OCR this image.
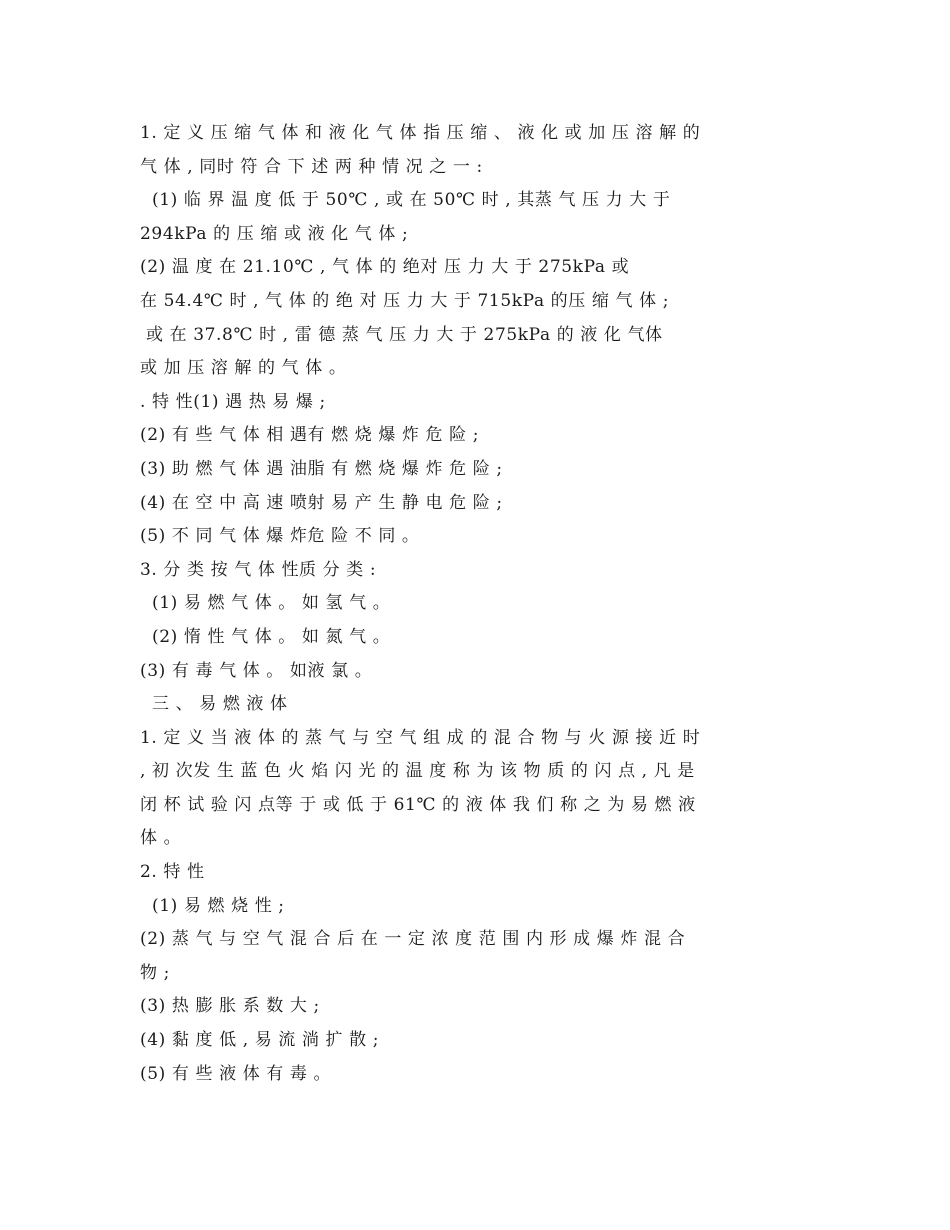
1. 定 义 压 缩 气 体 和 液 化 气 体 指 压 缩 、 液 化 或 加 压 溶 解 的
气 体 , 同时 符 合 下 述 两 种 情 况 之 一 :
(1) 临 界 温 度 低 于 50℃ , 或 在 50℃ 时 , 其蒸 气 压 力 大 于
294kPa 的 压 缩 或 液 化 气 体 ;
(2) 温 度 在 21.10℃ , 气 体 的 绝对 压 力 大 于 275kPa 或
在 54.4℃ 时 , 气 体 的 绝 对 压 力 大 于 715kPa 的压 缩 气 体 ;
或 在 37.8℃ 时 , 雷 德 蒸 气 压 力 大 于 275kPa 的 液 化 气体
或 加 压 溶 解 的 气 体 。
. 特 性(1) 遇 热 易 爆 ;
(2) 有 些 气 体 相 遇有 燃 烧 爆 炸 危 险 ;
(3) 助 燃 气 体 遇 油脂 有 燃 烧 爆 炸 危 险 ;
(4) 在 空 中 高 速 喷射 易 产 生 静 电 危 险 ;
(5) 不 同 气 体 爆 炸危 险 不 同 。
3. 分 类 按 气 体 性质 分 类 :
(1) 易 燃 气 体 。 如 氢 气 。
(2) 惰 性 气 体 。 如 氮 气 。
(3) 有 毒 气 体 。 如液 氯 。
三 、 易 燃 液 体
1. 定 义 当 液 体 的 蒸 气 与 空 气 组 成 的 混 合 物 与 火 源 接 近 时
, 初 次发 生 蓝 色 火 焰 闪 光 的 温 度 称 为 该 物 质 的 闪 点 , 凡 是
闭 杯 试 验 闪 点等 于 或 低 于 61℃ 的 液 体 我 们 称 之 为 易 燃 液
体 。
2. 特 性
(1) 易 燃 烧 性 ;
(2) 蒸 气 与 空 气 混 合 后 在 一 定 浓 度 范 围 内 形 成 爆 炸 混 合
物 ;
(3) 热 膨 胀 系 数 大 ;
(4) 黏 度 低 , 易 流 淌 扩 散 ;
(5) 有 些 液 体 有 毒 。
